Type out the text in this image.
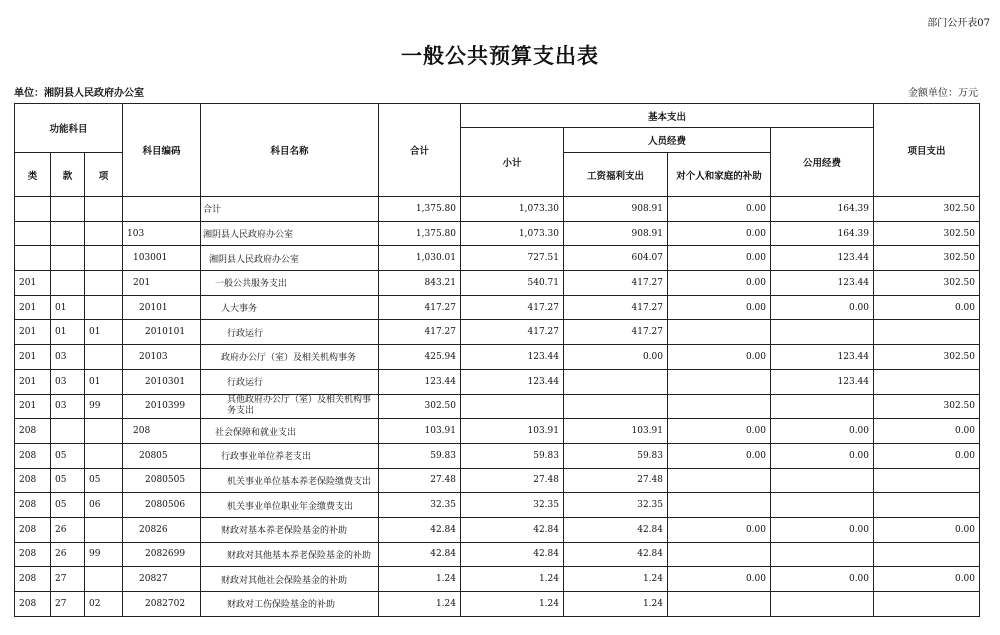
部门公开表07
一般公共预算支出表
单位：湘阴县人民政府办公室	金额单位：万元
功能科目			科目编码	科目名称	合计	基本支出				项目支出
						小计	人员经费		公用经费	
类	款	项					工资福利支出	对个人和家庭的补助		
				合计	1,375.80	1,073.30	908.91	0.00	164.39	302.50
			103	湘阴县人民政府办公室	1,375.80	1,073.30	908.91	0.00	164.39	302.50
			103001	湘阴县人民政府办公室	1,030.01	727.51	604.07	0.00	123.44	302.50
201			201	一般公共服务支出	843.21	540.71	417.27	0.00	123.44	302.50
201	01		20101	人大事务	417.27	417.27	417.27	0.00	0.00	0.00
201	01	01	2010101	行政运行	417.27	417.27	417.27			
201	03		20103	政府办公厅（室）及相关机构事务	425.94	123.44	0.00	0.00	123.44	302.50
201	03	01	2010301	行政运行	123.44	123.44			123.44	
201	03	99	2010399	其他政府办公厅（室）及相关机构事务支出	302.50					302.50
208			208	社会保障和就业支出	103.91	103.91	103.91	0.00	0.00	0.00
208	05		20805	行政事业单位养老支出	59.83	59.83	59.83	0.00	0.00	0.00
208	05	05	2080505	机关事业单位基本养老保险缴费支出	27.48	27.48	27.48			
208	05	06	2080506	机关事业单位职业年金缴费支出	32.35	32.35	32.35			
208	26		20826	财政对基本养老保险基金的补助	42.84	42.84	42.84	0.00	0.00	0.00
208	26	99	2082699	财政对其他基本养老保险基金的补助	42.84	42.84	42.84			
208	27		20827	财政对其他社会保险基金的补助	1.24	1.24	1.24	0.00	0.00	0.00
208	27	02	2082702	财政对工伤保险基金的补助	1.24	1.24	1.24			
